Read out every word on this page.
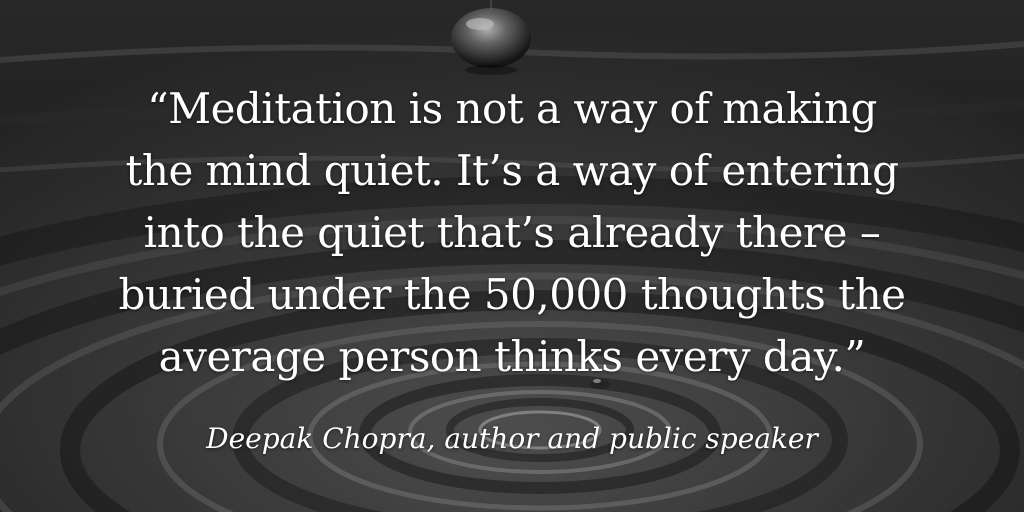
“Meditation is not a way of making
the mind quiet. It’s a way of entering
into the quiet that’s already there –
buried under the 50,000 thoughts the
average person thinks every day.”
Deepak Chopra, author and public speaker
